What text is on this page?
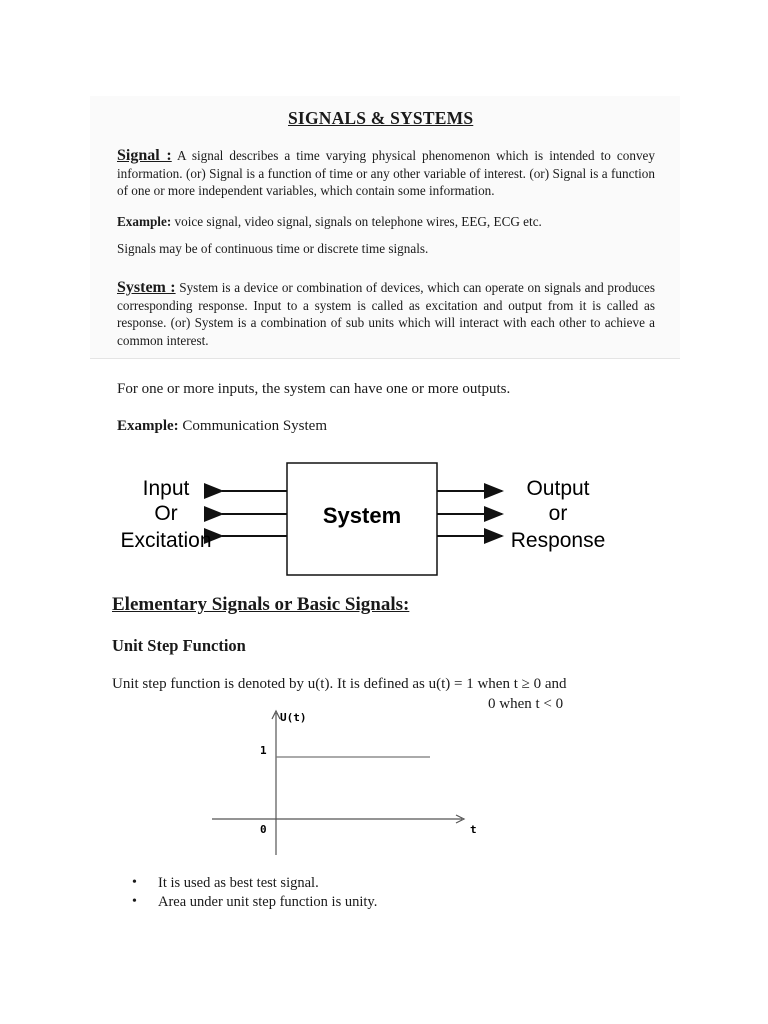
SIGNALS & SYSTEMS
Signal : A signal describes a time varying physical phenomenon which is intended to convey information. (or) Signal is a function of time or any other variable of interest. (or) Signal is a function of one or more independent variables, which contain some information.
Example: voice signal, video signal, signals on telephone wires, EEG, ECG etc.
Signals may be of continuous time or discrete time signals.
System : System is a device or combination of devices, which can operate on signals and produces corresponding response. Input to a system is called as excitation and output from it is called as response. (or) System is a combination of sub units which will interact with each other to achieve a common interest.
For one or more inputs, the system can have one or more outputs.
Example: Communication System
System
Input
Or
Excitation
Output
or
Response
Elementary Signals or Basic Signals:
Unit Step Function
Unit step function is denoted by u(t). It is defined as u(t) = 1 when t ≥ 0 and
0 when t < 0
U(t)
1
0	t
• It is used as best test signal.
• Area under unit step function is unity.
